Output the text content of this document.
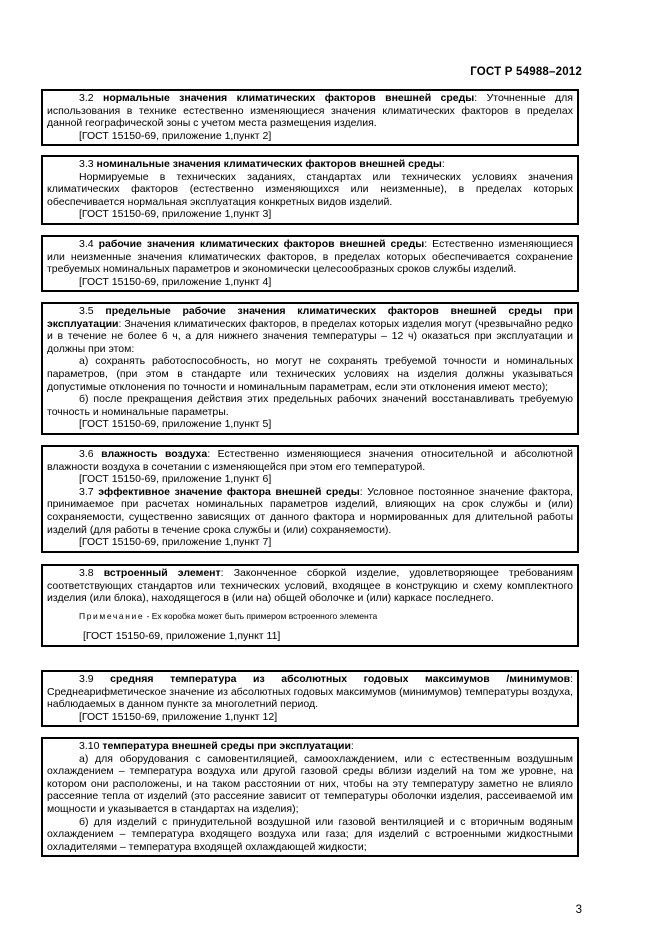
ГОСТ Р 54988–2012

3.2 нормальные значения климатических факторов внешней среды: Уточненные для использования в технике естественно изменяющиеся значения климатических факторов в пределах данной географической зоны с учетом места размещения изделия.

[ГОСТ 15150-69, приложение 1,пункт 2]

3.3 номинальные значения климатических факторов внешней среды:

Нормируемые в технических заданиях, стандартах или технических условиях значения климатических факторов (естественно изменяющихся или неизменные), в пределах которых обеспечивается нормальная эксплуатация конкретных видов изделий.

[ГОСТ 15150-69, приложение 1,пункт 3]

3.4 рабочие значения климатических факторов внешней среды: Естественно изменяющиеся или неизменные значения климатических факторов, в пределах которых обеспечивается сохранение требуемых номинальных параметров и экономически целесообразных сроков службы изделий.

[ГОСТ 15150-69, приложение 1,пункт 4]

3.5 предельные рабочие значения климатических факторов внешней среды при эксплуатации: Значения климатических факторов, в пределах которых изделия могут (чрезвычайно редко и в течение не более 6 ч, а для нижнего значения температуры – 12 ч) оказаться при эксплуатации и должны при этом:

а) сохранять работоспособность, но могут не сохранять требуемой точности и номинальных параметров, (при этом в стандарте или технических условиях на изделия должны указываться допустимые отклонения по точности и номинальным параметрам, если эти отклонения имеют место);

б) после прекращения действия этих предельных рабочих значений восстанавливать требуемую точность и номинальные параметры.

[ГОСТ 15150-69, приложение 1,пункт 5]

3.6 влажность воздуха: Естественно изменяющиеся значения относительной и абсолютной влажности воздуха в сочетании с изменяющейся при этом его температурой.

[ГОСТ 15150-69, приложение 1,пункт 6]

3.7 эффективное значение фактора внешней среды: Условное постоянное значение фактора, принимаемое при расчетах номинальных параметров изделий, влияющих на срок службы и (или) сохраняемости, существенно зависящих от данного фактора и нормированных для длительной работы изделий (для работы в течение срока службы и (или) сохраняемости).

[ГОСТ 15150-69, приложение 1,пункт 7]

3.8 встроенный элемент: Законченное сборкой изделие, удовлетворяющее требованиям соответствующих стандартов или технических условий, входящее в конструкцию и схему комплектного изделия (или блока), находящегося в (или на) общей оболочке и (или) каркасе последнего.

Примечание - Ех коробка может быть примером встроенного элемента

[ГОСТ 15150-69, приложение 1,пункт 11]

3.9 средняя температура из абсолютных годовых максимумов /минимумов: Среднеарифметическое значение из абсолютных годовых максимумов (минимумов) температуры воздуха, наблюдаемых в данном пункте за многолетний период.

[ГОСТ 15150-69, приложение 1,пункт 12]

3.10 температура внешней среды при эксплуатации:

а) для оборудования с самовентиляцией, самоохлаждением, или с естественным воздушным охлаждением – температура воздуха или другой газовой среды вблизи изделий на том же уровне, на котором они расположены, и на таком расстоянии от них, чтобы на эту температуру заметно не влияло рассеяние тепла от изделий (это рассеяние зависит от температуры оболочки изделия, рассеиваемой им мощности и указывается в стандартах на изделия);

б) для изделий с принудительной воздушной или газовой вентиляцией и с вторичным водяным охлаждением – температура входящего воздуха или газа; для изделий с встроенными жидкостными охладителями – температура входящей охлаждающей жидкости;

3
